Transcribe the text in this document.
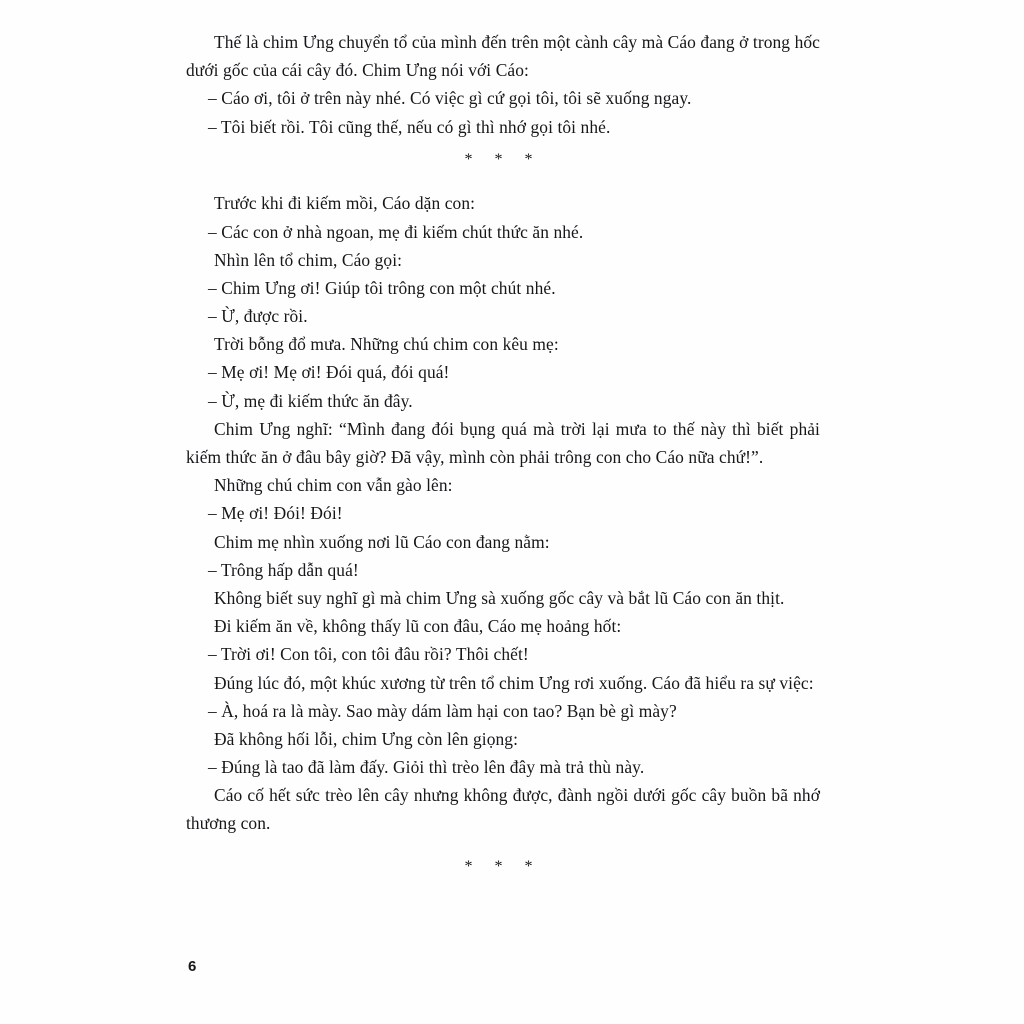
Thế là chim Ưng chuyển tổ của mình đến trên một cành cây mà Cáo đang ở trong hốc dưới gốc của cái cây đó. Chim Ưng nói với Cáo:

– Cáo ơi, tôi ở trên này nhé. Có việc gì cứ gọi tôi, tôi sẽ xuống ngay.

– Tôi biết rồi. Tôi cũng thế, nếu có gì thì nhớ gọi tôi nhé.

* * *

Trước khi đi kiếm mồi, Cáo dặn con:

– Các con ở nhà ngoan, mẹ đi kiếm chút thức ăn nhé.

Nhìn lên tổ chim, Cáo gọi:

– Chim Ưng ơi! Giúp tôi trông con một chút nhé.

– Ừ, được rồi.

Trời bỗng đổ mưa. Những chú chim con kêu mẹ:

– Mẹ ơi! Mẹ ơi! Đói quá, đói quá!

– Ừ, mẹ đi kiếm thức ăn đây.

Chim Ưng nghĩ: “Mình đang đói bụng quá mà trời lại mưa to thế này thì biết phải kiếm thức ăn ở đâu bây giờ? Đã vậy, mình còn phải trông con cho Cáo nữa chứ!”.

Những chú chim con vẫn gào lên:

– Mẹ ơi! Đói! Đói!

Chim mẹ nhìn xuống nơi lũ Cáo con đang nằm:

– Trông hấp dẫn quá!

Không biết suy nghĩ gì mà chim Ưng sà xuống gốc cây và bắt lũ Cáo con ăn thịt.

Đi kiếm ăn về, không thấy lũ con đâu, Cáo mẹ hoảng hốt:

– Trời ơi! Con tôi, con tôi đâu rồi? Thôi chết!

Đúng lúc đó, một khúc xương từ trên tổ chim Ưng rơi xuống. Cáo đã hiểu ra sự việc:

– À, hoá ra là mày. Sao mày dám làm hại con tao? Bạn bè gì mày?

Đã không hối lỗi, chim Ưng còn lên giọng:

– Đúng là tao đã làm đấy. Giỏi thì trèo lên đây mà trả thù này.

Cáo cố hết sức trèo lên cây nhưng không được, đành ngồi dưới gốc cây buồn bã nhớ thương con.

* * *
6
